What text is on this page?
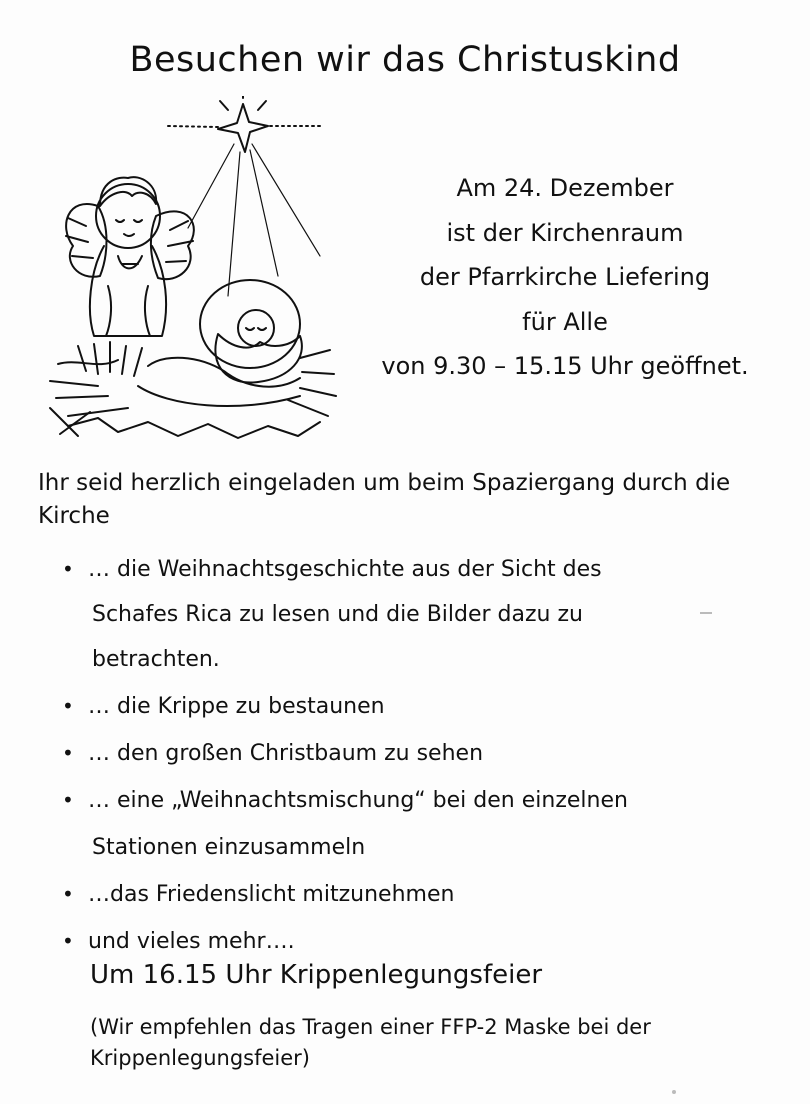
Besuchen wir das Christuskind
Am 24. Dezember
ist der Kirchenraum
der Pfarrkirche Liefering
für Alle
von 9.30 – 15.15 Uhr geöffnet.
Ihr seid herzlich eingeladen um beim Spaziergang durch die Kirche
• … die Weihnachtsgeschichte aus der Sicht des
Schafes Rica zu lesen und die Bilder dazu zu
betrachten.
• … die Krippe zu bestaunen
• … den großen Christbaum zu sehen
• … eine „Weihnachtsmischung“ bei den einzelnen
Stationen einzusammeln
• …das Friedenslicht mitzunehmen
• und vieles mehr….
Um 16.15 Uhr Krippenlegungsfeier
(Wir empfehlen das Tragen einer FFP-2 Maske bei der Krippenlegungsfeier)
